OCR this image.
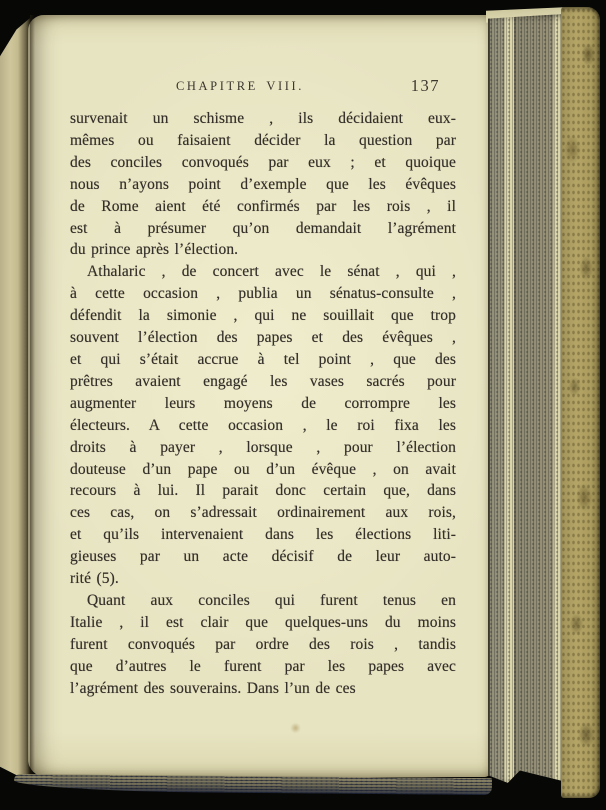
CHAPITRE VIII.	137
survenait un schisme , ils décidaient eux-
mêmes ou faisaient décider la question par
des conciles convoqués par eux ; et quoique
nous n’ayons point d’exemple que les évêques
de Rome aient été confirmés par les rois , il
est à présumer qu’on demandait l’agrément
du prince après l’élection.
Athalaric , de concert avec le sénat , qui ,
à cette occasion , publia un sénatus-consulte ,
défendit la simonie , qui ne souillait que trop
souvent l’élection des papes et des évêques ,
et qui s’était accrue à tel point , que des
prêtres avaient engagé les vases sacrés pour
augmenter leurs moyens de corrompre les
électeurs. A cette occasion , le roi fixa les
droits à payer , lorsque , pour l’élection
douteuse d’un pape ou d’un évêque , on avait
recours à lui. Il parait donc certain que, dans
ces cas, on s’adressait ordinairement aux rois,
et qu’ils intervenaient dans les élections liti-
gieuses par un acte décisif de leur auto-
rité (5).
Quant aux conciles qui furent tenus en
Italie , il est clair que quelques-uns du moins
furent convoqués par ordre des rois , tandis
que d’autres le furent par les papes avec
l’agrément des souverains. Dans l’un de ces
